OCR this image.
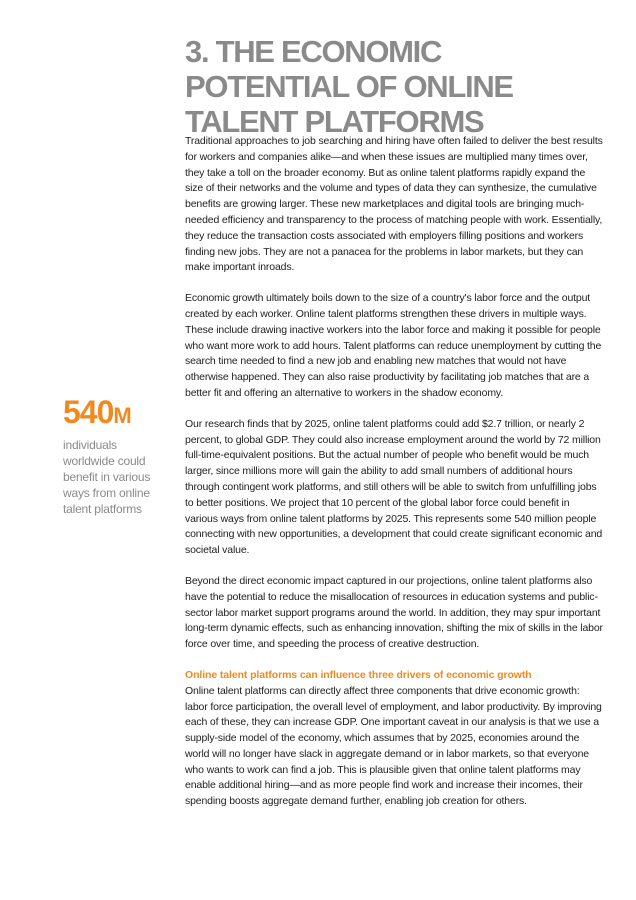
3. THE ECONOMIC POTENTIAL OF ONLINE TALENT PLATFORMS
540M
individuals worldwide could benefit in various ways from online talent platforms

Traditional approaches to job searching and hiring have often failed to deliver the best results for workers and companies alike—and when these issues are multiplied many times over, they take a toll on the broader economy. But as online talent platforms rapidly expand the size of their networks and the volume and types of data they can synthesize, the cumulative benefits are growing larger. These new marketplaces and digital tools are bringing much-needed efficiency and transparency to the process of matching people with work. Essentially, they reduce the transaction costs associated with employers filling positions and workers finding new jobs. They are not a panacea for the problems in labor markets, but they can make important inroads.

Economic growth ultimately boils down to the size of a country's labor force and the output created by each worker. Online talent platforms strengthen these drivers in multiple ways. These include drawing inactive workers into the labor force and making it possible for people who want more work to add hours. Talent platforms can reduce unemployment by cutting the search time needed to find a new job and enabling new matches that would not have otherwise happened. They can also raise productivity by facilitating job matches that are a better fit and offering an alternative to workers in the shadow economy.

Our research finds that by 2025, online talent platforms could add $2.7 trillion, or nearly 2 percent, to global GDP. They could also increase employment around the world by 72 million full-time-equivalent positions. But the actual number of people who benefit would be much larger, since millions more will gain the ability to add small numbers of additional hours through contingent work platforms, and still others will be able to switch from unfulfilling jobs to better positions. We project that 10 percent of the global labor force could benefit in various ways from online talent platforms by 2025. This represents some 540 million people connecting with new opportunities, a development that could create significant economic and societal value.

Beyond the direct economic impact captured in our projections, online talent platforms also have the potential to reduce the misallocation of resources in education systems and public-sector labor market support programs around the world. In addition, they may spur important long-term dynamic effects, such as enhancing innovation, shifting the mix of skills in the labor force over time, and speeding the process of creative destruction.

Online talent platforms can influence three drivers of economic growth

Online talent platforms can directly affect three components that drive economic growth: labor force participation, the overall level of employment, and labor productivity. By improving each of these, they can increase GDP. One important caveat in our analysis is that we use a supply-side model of the economy, which assumes that by 2025, economies around the world will no longer have slack in aggregate demand or in labor markets, so that everyone who wants to work can find a job. This is plausible given that online talent platforms may enable additional hiring—and as more people find work and increase their incomes, their spending boosts aggregate demand further, enabling job creation for others.
